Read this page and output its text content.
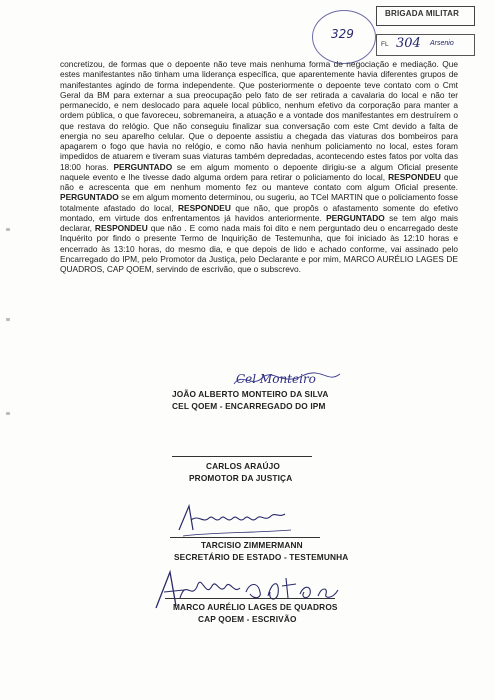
329
BRIGADA MILITAR
FL 304 Arsenio

concretizou, de formas que o depoente não teve mais nenhuma forma de negociação e mediação. Que estes manifestantes não tinham uma liderança específica, que aparentemente havia diferentes grupos de manifestantes agindo de forma independente. Que posteriormente o depoente teve contato com o Cmt Geral da BM para externar a sua preocupação pelo fato de ser retirada a cavalaria do local e não ter permanecido, e nem deslocado para aquele local público, nenhum efetivo da corporação para manter a ordem pública, o que favoreceu, sobremaneira, a atuação e a vontade dos manifestantes em destruírem o que restava do relógio. Que não conseguiu finalizar sua conversação com este Cmt devido a falta de energia no seu aparelho celular. Que o depoente assistiu a chegada das viaturas dos bombeiros para apagarem o fogo que havia no relógio, e como não havia nenhum policiamento no local, estes foram impedidos de atuarem e tiveram suas viaturas também depredadas, acontecendo estes fatos por volta das 18:00 horas. PERGUNTADO se em algum momento o depoente dirigiu-se a algum Oficial presente naquele evento e lhe tivesse dado alguma ordem para retirar o policiamento do local, RESPONDEU que não e acrescenta que em nenhum momento fez ou manteve contato com algum Oficial presente. PERGUNTADO se em algum momento determinou, ou sugeriu, ao TCel MARTIN que o policiamento fosse totalmente afastado do local, RESPONDEU que não, que propôs o afastamento somente do efetivo montado, em virtude dos enfrentamentos já havidos anteriormente. PERGUNTADO se tem algo mais declarar, RESPONDEU que não . E como nada mais foi dito e nem perguntado deu o encarregado deste Inquérito por findo o presente Termo de Inquirição de Testemunha, que foi iniciado às 12:10 horas e encerrado às 13:10 horas, do mesmo dia, e que depois de lido e achado conforme, vai assinado pelo Encarregado do IPM, pelo Promotor da Justiça, pelo Declarante e por mim, MARCO AURÉLIO LAGES DE QUADROS, CAP QOEM, servindo de escrivão, que o subscrevo.

Cel Monteiro
JOÃO ALBERTO MONTEIRO DA SILVA
CEL QOEM - ENCARREGADO DO IPM
CARLOS ARAÚJO
PROMOTOR DA JUSTIÇA
TARCISIO ZIMMERMANN
SECRETÁRIO DE ESTADO - TESTEMUNHA
MARCO AURÉLIO LAGES DE QUADROS
CAP QOEM - ESCRIVÃO
